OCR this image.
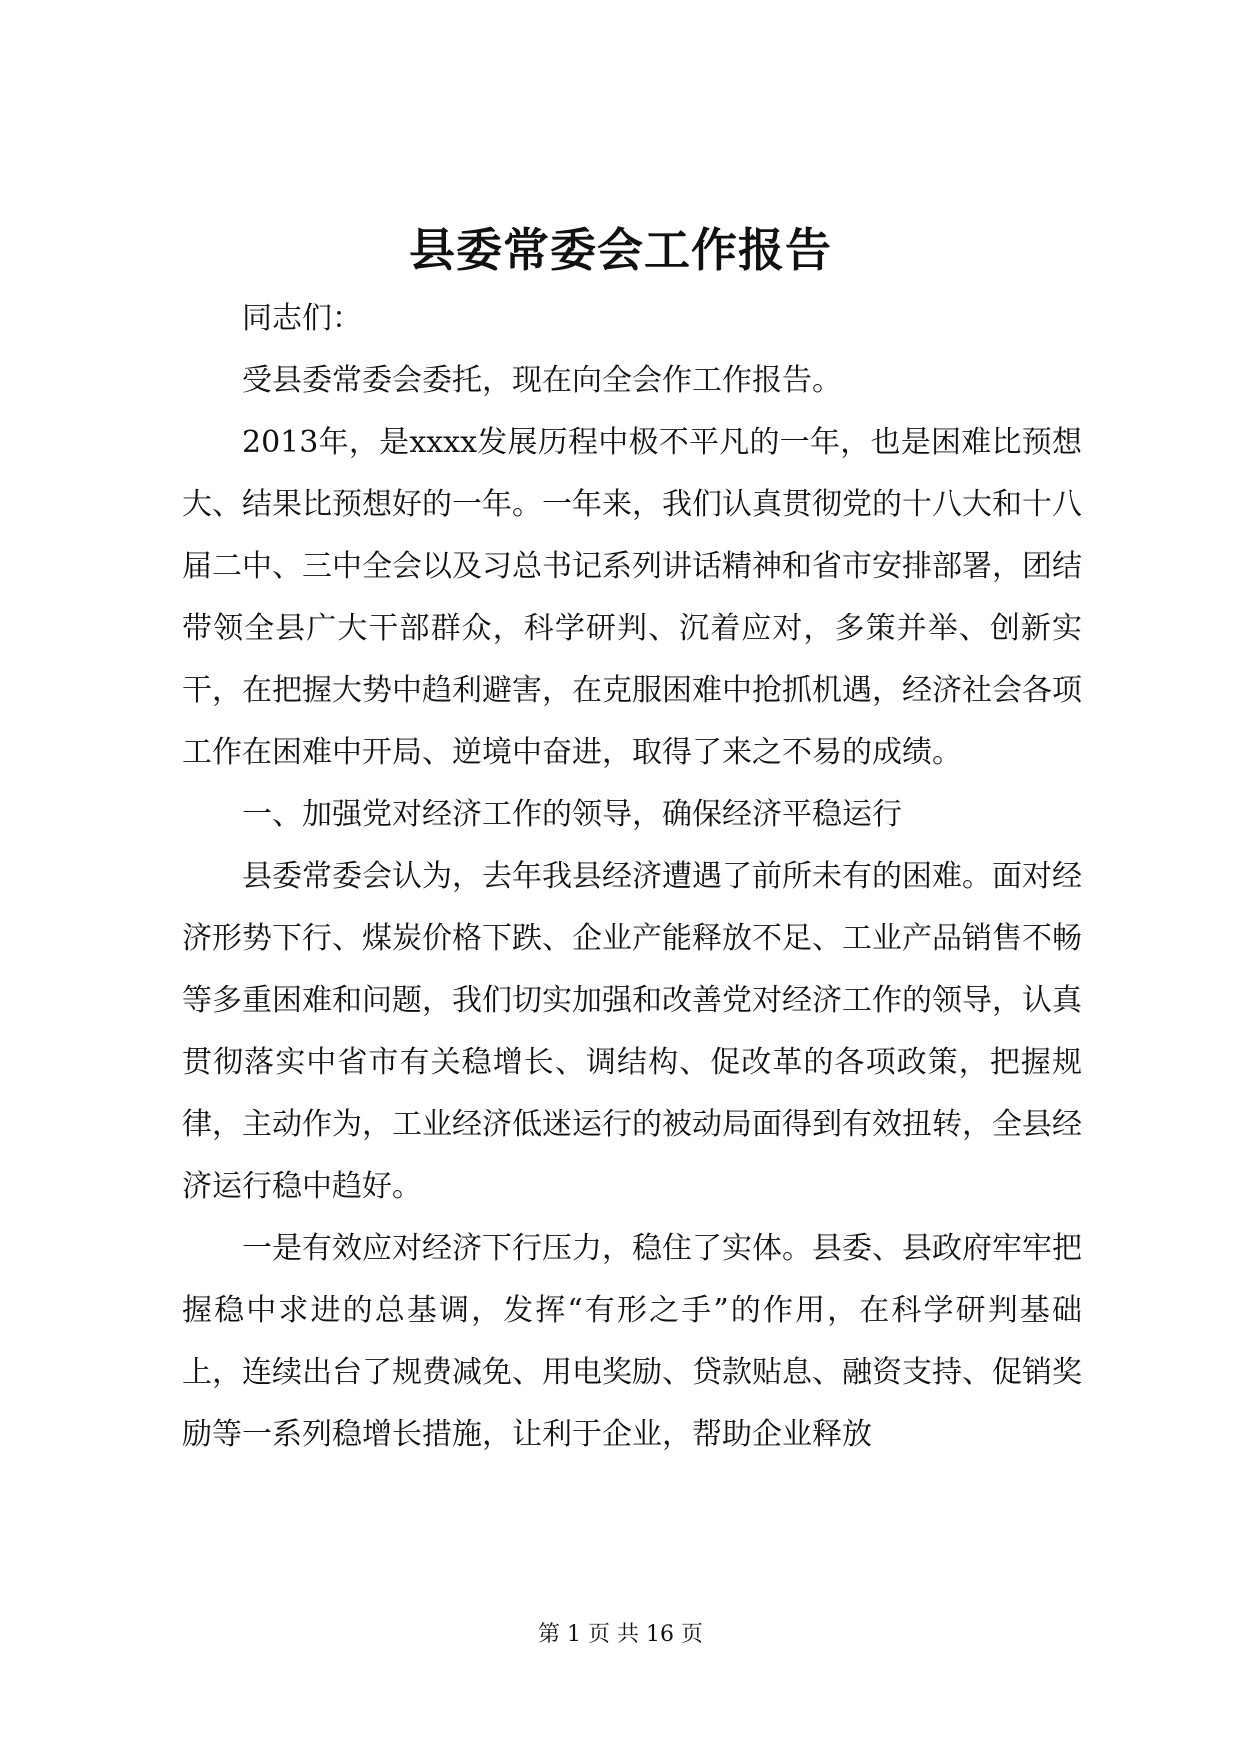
县委常委会工作报告

同志们：

受县委常委会委托，现在向全会作工作报告。

2013年，是xxxx发展历程中极不平凡的一年，也是困难比预想大、结果比预想好的一年。一年来，我们认真贯彻党的十八大和十八届二中、三中全会以及习总书记系列讲话精神和省市安排部署，团结带领全县广大干部群众，科学研判、沉着应对，多策并举、创新实干，在把握大势中趋利避害，在克服困难中抢抓机遇，经济社会各项工作在困难中开局、逆境中奋进，取得了来之不易的成绩。

一、加强党对经济工作的领导，确保经济平稳运行

县委常委会认为，去年我县经济遭遇了前所未有的困难。面对经济形势下行、煤炭价格下跌、企业产能释放不足、工业产品销售不畅等多重困难和问题，我们切实加强和改善党对经济工作的领导，认真贯彻落实中省市有关稳增长、调结构、促改革的各项政策，把握规律，主动作为，工业经济低迷运行的被动局面得到有效扭转，全县经济运行稳中趋好。

一是有效应对经济下行压力，稳住了实体。县委、县政府牢牢把握稳中求进的总基调，发挥“有形之手”的作用，在科学研判基础上，连续出台了规费减免、用电奖励、贷款贴息、融资支持、促销奖励等一系列稳增长措施，让利于企业，帮助企业释放

第 1 页 共 16 页
